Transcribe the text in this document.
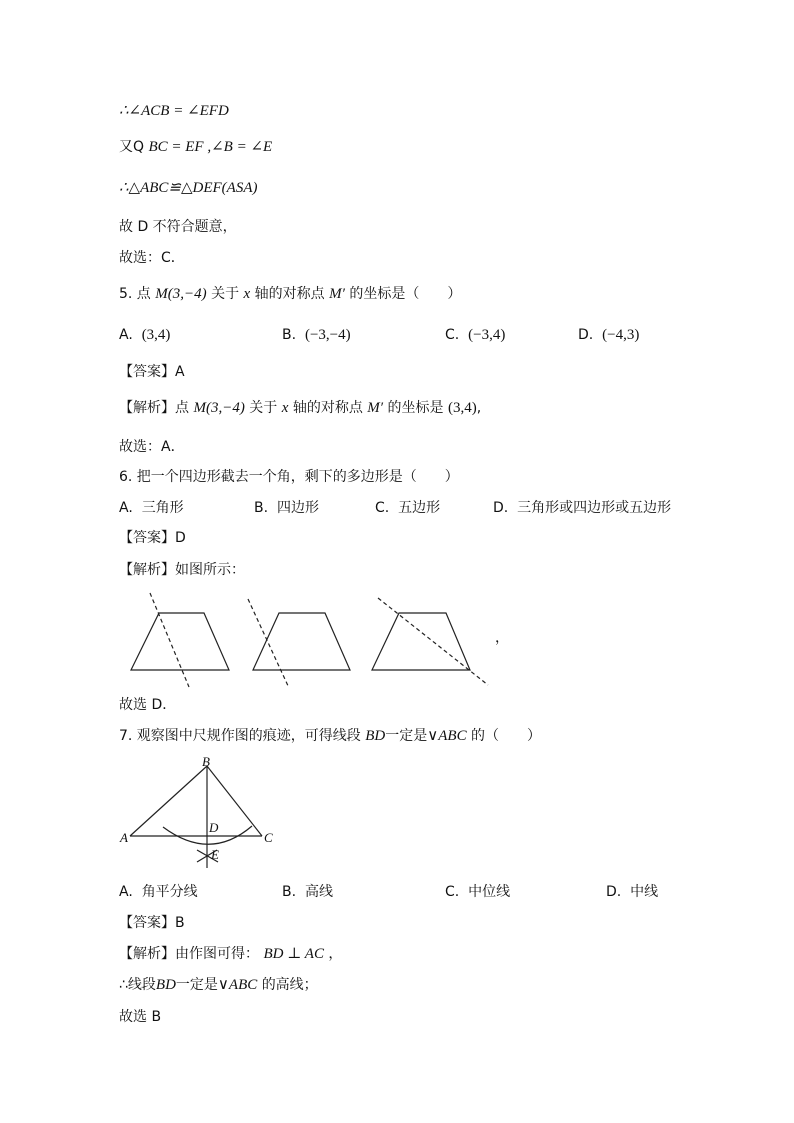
∴∠ACB = ∠EFD
又Q BC = EF ,∠B = ∠E
∴△ABC≌△DEF(ASA)
故 D 不符合题意，
故选：C．
5. 点 M(3,−4) 关于 x 轴的对称点 M′ 的坐标是（　　）
A. (3,4)	B. (−3,−4)	C. (−3,4)	D. (−4,3)
【答案】A
【解析】点 M(3,−4) 关于 x 轴的对称点 M′ 的坐标是 (3,4),
故选：A．
6. 把一个四边形截去一个角，剩下的多边形是（　　）
A. 三角形	B. 四边形	C. 五边形	D. 三角形或四边形或五边形
【答案】D
【解析】如图所示：
，
故选 D．
7. 观察图中尺规作图的痕迹，可得线段 BD一定是∨ABC 的（　　）
B
A	C
D
E
A. 角平分线	B. 高线	C. 中位线	D. 中线
【答案】B
【解析】由作图可得： BD ⊥ AC ，
∴线段BD一定是∨ABC 的高线；
故选 B
